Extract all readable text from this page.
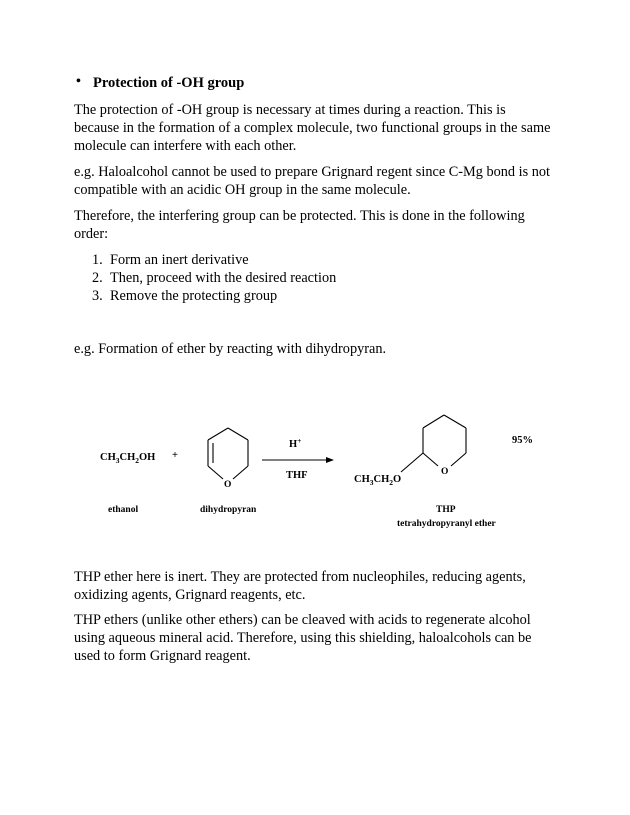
• Protection of -OH group
The protection of -OH group is necessary at times during a reaction. This is
because in the formation of a complex molecule, two functional groups in the same
molecule can interfere with each other.
e.g. Haloalcohol cannot be used to prepare Grignard regent since C-Mg bond is not
compatible with an acidic OH group in the same molecule.
Therefore, the interfering group can be protected. This is done in the following
order:
1. Form an inert derivative
2. Then, proceed with the desired reaction
3. Remove the protecting group
e.g. Formation of ether by reacting with dihydropyran.
$CH_3CH_2OH$ +
ethanol
O
dihydropyran
H+
THF	O
$CH_3CH_2O$
95%
THP
tetrahydropyranyl ether
THP ether here is inert. They are protected from nucleophiles, reducing agents,
oxidizing agents, Grignard reagents, etc.
THP ethers (unlike other ethers) can be cleaved with acids to regenerate alcohol
using aqueous mineral acid. Therefore, using this shielding, haloalcohols can be
used to form Grignard reagent.
